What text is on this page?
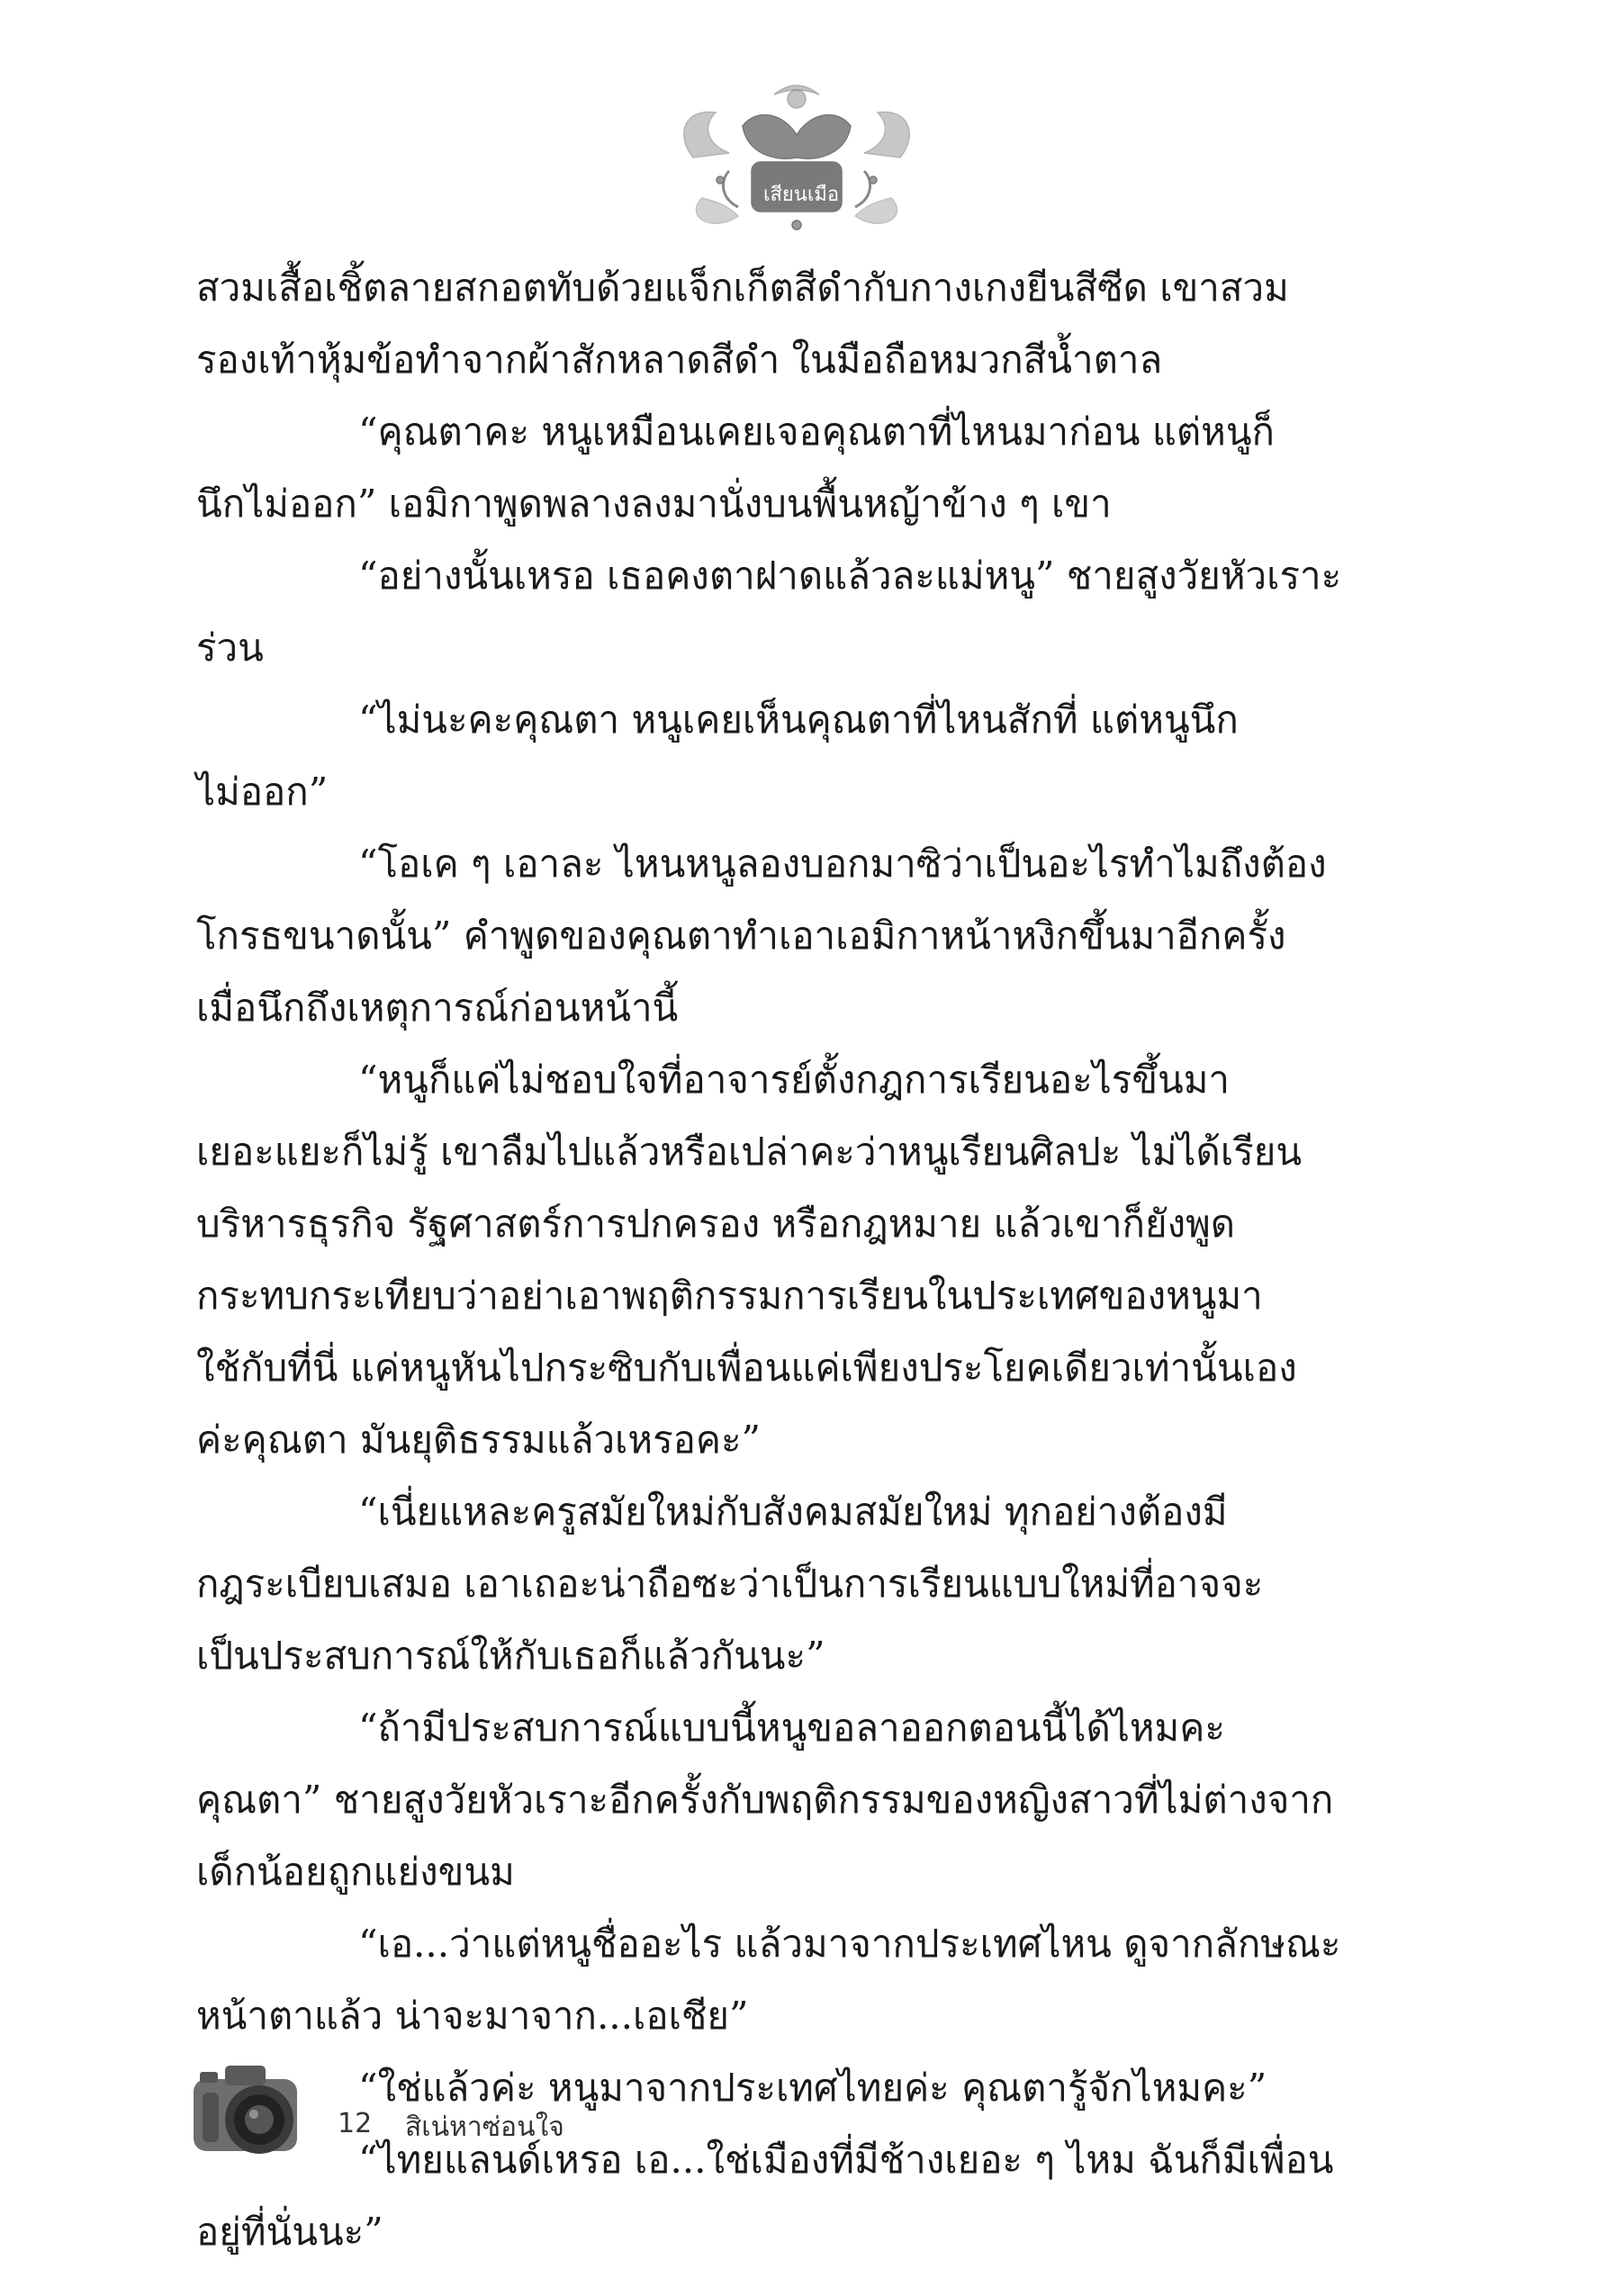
เสียนเมือ
สวมเสื้อเชิ้ตลายสกอตทับด้วยแจ็กเก็ตสีดำกับกางเกงยีนสีซีด เขาสวม
รองเท้าหุ้มข้อทำจากผ้าสักหลาดสีดำ ในมือถือหมวกสีน้ำตาล
“คุณตาคะ หนูเหมือนเคยเจอคุณตาที่ไหนมาก่อน แต่หนูก็
นึกไม่ออก” เอมิกาพูดพลางลงมานั่งบนพื้นหญ้าข้าง ๆ เขา
“อย่างนั้นเหรอ เธอคงตาฝาดแล้วละแม่หนู” ชายสูงวัยหัวเราะ
ร่วน
“ไม่นะคะคุณตา หนูเคยเห็นคุณตาที่ไหนสักที่ แต่หนูนึก
ไม่ออก”
“โอเค ๆ เอาละ ไหนหนูลองบอกมาซิว่าเป็นอะไรทำไมถึงต้อง
โกรธขนาดนั้น” คำพูดของคุณตาทำเอาเอมิกาหน้าหงิกขึ้นมาอีกครั้ง
เมื่อนึกถึงเหตุการณ์ก่อนหน้านี้
“หนูก็แค่ไม่ชอบใจที่อาจารย์ตั้งกฎการเรียนอะไรขึ้นมา
เยอะแยะก็ไม่รู้ เขาลืมไปแล้วหรือเปล่าคะว่าหนูเรียนศิลปะ ไม่ได้เรียน
บริหารธุรกิจ รัฐศาสตร์การปกครอง หรือกฎหมาย แล้วเขาก็ยังพูด
กระทบกระเทียบว่าอย่าเอาพฤติกรรมการเรียนในประเทศของหนูมา
ใช้กับที่นี่ แค่หนูหันไปกระซิบกับเพื่อนแค่เพียงประโยคเดียวเท่านั้นเอง
ค่ะคุณตา มันยุติธรรมแล้วเหรอคะ”
“เนี่ยแหละครูสมัยใหม่กับสังคมสมัยใหม่ ทุกอย่างต้องมี
กฎระเบียบเสมอ เอาเถอะน่าถือซะว่าเป็นการเรียนแบบใหม่ที่อาจจะ
เป็นประสบการณ์ให้กับเธอก็แล้วกันนะ”
“ถ้ามีประสบการณ์แบบนี้หนูขอลาออกตอนนี้ได้ไหมคะ
คุณตา” ชายสูงวัยหัวเราะอีกครั้งกับพฤติกรรมของหญิงสาวที่ไม่ต่างจาก
เด็กน้อยถูกแย่งขนม
“เอ...ว่าแต่หนูชื่ออะไร แล้วมาจากประเทศไหน ดูจากลักษณะ
หน้าตาแล้ว น่าจะมาจาก...เอเชีย”
“ใช่แล้วค่ะ หนูมาจากประเทศไทยค่ะ คุณตารู้จักไหมคะ”
“ไทยแลนด์เหรอ เอ...ใช่เมืองที่มีช้างเยอะ ๆ ไหม ฉันก็มีเพื่อน
อยู่ที่นั่นนะ”
12 สิเน่หาซ่อนใจ
